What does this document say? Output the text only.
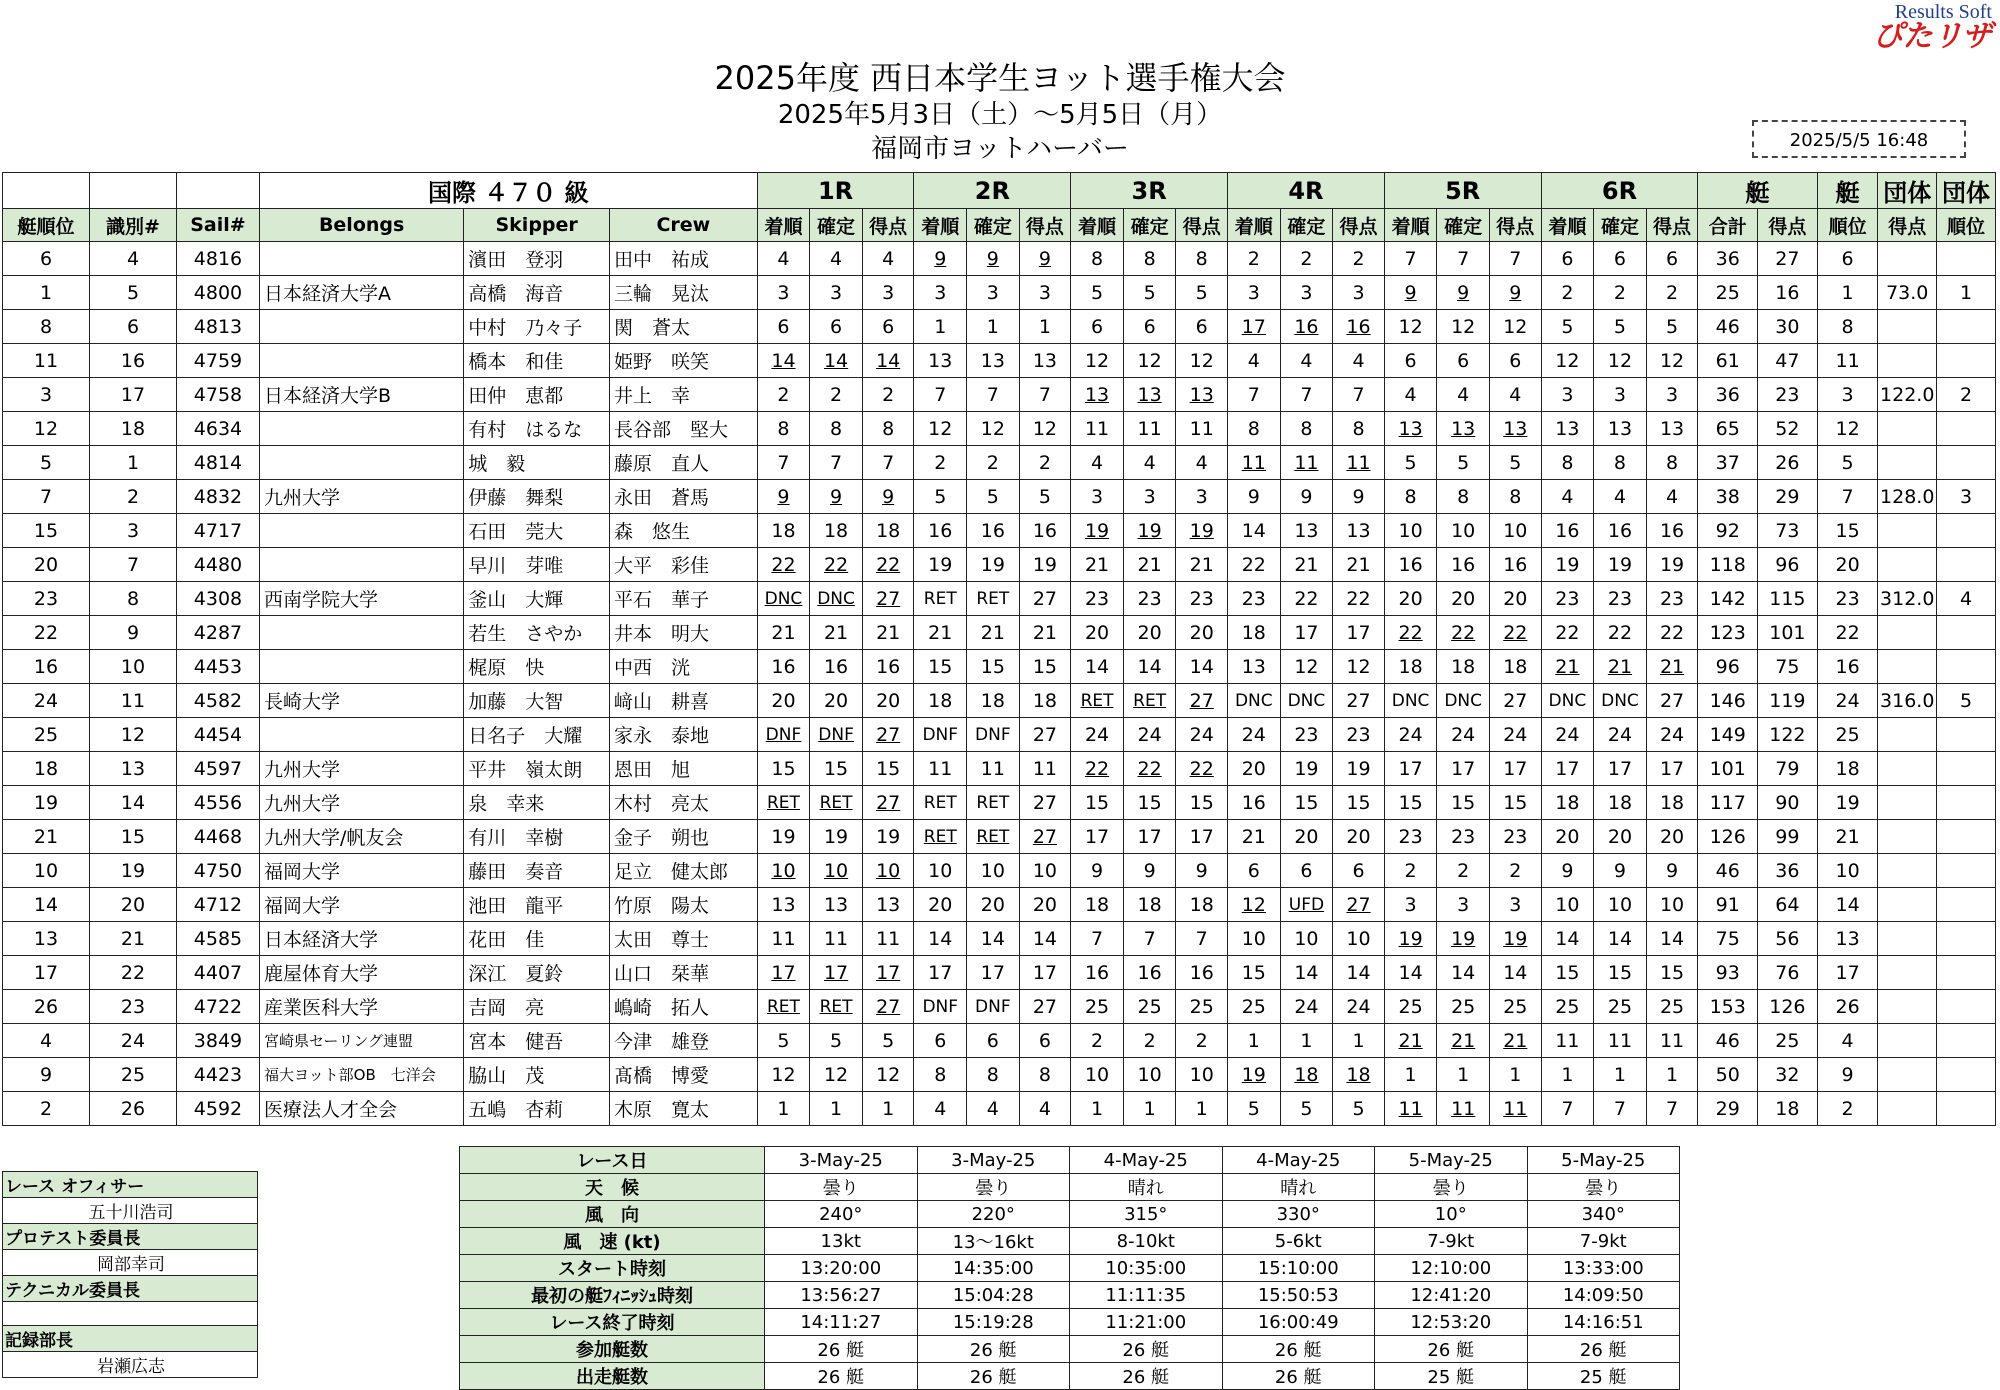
Results Soft
ぴたリザ
2025年度 西日本学生ヨット選手権大会
2025年5月3日（土）～5月5日（月）
福岡市ヨットハーバー	2025/5/5 16:48
			国際 ４７０ 級			1R			2R			3R			4R			5R			6R			艇		艇	団体	団体
艇順位	識別#	Sail#	Belongs	Skipper	Crew	着順	確定	得点	着順	確定	得点	着順	確定	得点	着順	確定	得点	着順	確定	得点	着順	確定	得点	合計	得点	順位	得点	順位
6	4	4816		濱田　登羽	田中　祐成	4	4	4	9	9	9	8	8	8	2	2	2	7	7	7	6	6	6	36	27	6		
1	5	4800	日本経済大学A	高橋　海音	三輪　晃汰	3	3	3	3	3	3	5	5	5	3	3	3	9	9	9	2	2	2	25	16	1	73.0	1
8	6	4813		中村　乃々子	関　蒼太	6	6	6	1	1	1	6	6	6	17	16	16	12	12	12	5	5	5	46	30	8		
11	16	4759		橋本　和佳	姫野　咲笑	14	14	14	13	13	13	12	12	12	4	4	4	6	6	6	12	12	12	61	47	11		
3	17	4758	日本経済大学B	田仲　恵都	井上　幸	2	2	2	7	7	7	13	13	13	7	7	7	4	4	4	3	3	3	36	23	3	122.0	2
12	18	4634		有村　はるな	長谷部　堅大	8	8	8	12	12	12	11	11	11	8	8	8	13	13	13	13	13	13	65	52	12		
5	1	4814		城　毅	藤原　直人	7	7	7	2	2	2	4	4	4	11	11	11	5	5	5	8	8	8	37	26	5		
7	2	4832	九州大学	伊藤　舞梨	永田　蒼馬	9	9	9	5	5	5	3	3	3	9	9	9	8	8	8	4	4	4	38	29	7	128.0	3
15	3	4717		石田　莞大	森　悠生	18	18	18	16	16	16	19	19	19	14	13	13	10	10	10	16	16	16	92	73	15		
20	7	4480		早川　芽唯	大平　彩佳	22	22	22	19	19	19	21	21	21	22	21	21	16	16	16	19	19	19	118	96	20		
23	8	4308	西南学院大学	釜山　大輝	平石　華子	DNC	DNC	27	RET	RET	27	23	23	23	23	22	22	20	20	20	23	23	23	142	115	23	312.0	4
22	9	4287		若生　さやか	井本　明大	21	21	21	21	21	21	20	20	20	18	17	17	22	22	22	22	22	22	123	101	22		
16	10	4453		梶原　快	中西　洸	16	16	16	15	15	15	14	14	14	13	12	12	18	18	18	21	21	21	96	75	16		
24	11	4582	長崎大学	加藤　大智	﨑山　耕喜	20	20	20	18	18	18	RET	RET	27	DNC	DNC	27	DNC	DNC	27	DNC	DNC	27	146	119	24	316.0	5
25	12	4454		日名子　大耀	家永　泰地	DNF	DNF	27	DNF	DNF	27	24	24	24	24	23	23	24	24	24	24	24	24	149	122	25		
18	13	4597	九州大学	平井　嶺太朗	恩田　旭	15	15	15	11	11	11	22	22	22	20	19	19	17	17	17	17	17	17	101	79	18		
19	14	4556	九州大学	泉　幸来	木村　亮太	RET	RET	27	RET	RET	27	15	15	15	16	15	15	15	15	15	18	18	18	117	90	19		
21	15	4468	九州大学/帆友会	有川　幸樹	金子　朔也	19	19	19	RET	RET	27	17	17	17	21	20	20	23	23	23	20	20	20	126	99	21		
10	19	4750	福岡大学	藤田　奏音	足立　健太郎	10	10	10	10	10	10	9	9	9	6	6	6	2	2	2	9	9	9	46	36	10		
14	20	4712	福岡大学	池田　龍平	竹原　陽太	13	13	13	20	20	20	18	18	18	12	UFD	27	3	3	3	10	10	10	91	64	14		
13	21	4585	日本経済大学	花田　佳	太田　尊士	11	11	11	14	14	14	7	7	7	10	10	10	19	19	19	14	14	14	75	56	13		
17	22	4407	鹿屋体育大学	深江　夏鈴	山口　栞華	17	17	17	17	17	17	16	16	16	15	14	14	14	14	14	15	15	15	93	76	17		
26	23	4722	産業医科大学	吉岡　亮	嶋崎　拓人	RET	RET	27	DNF	DNF	27	25	25	25	25	24	24	25	25	25	25	25	25	153	126	26		
4	24	3849	宮崎県セーリング連盟	宮本　健吾	今津　雄登	5	5	5	6	6	6	2	2	2	1	1	1	21	21	21	11	11	11	46	25	4		
9	25	4423	福大ヨット部OB　七洋会	脇山　茂	髙橋　博愛	12	12	12	8	8	8	10	10	10	19	18	18	1	1	1	1	1	1	50	32	9		
2	26	4592	医療法人才全会	五嶋　杏莉	木原　寛太	1	1	1	4	4	4	1	1	1	5	5	5	11	11	11	7	7	7	29	18	2		
レース オフィサー
五十川浩司
プロテスト委員長
岡部幸司
テクニカル委員長

記録部長
岩瀬広志
レース日	3-May-25	3-May-25	4-May-25	4-May-25	5-May-25	5-May-25
天　候	曇り	曇り	晴れ	晴れ	曇り	曇り
風　向	240°	220°	315°	330°	10°	340°
風　速 (kt)	13kt	13～16kt	8-10kt	5-6kt	7-9kt	7-9kt
スタート時刻	13:20:00	14:35:00	10:35:00	15:10:00	12:10:00	13:33:00
最初の艇ﾌｨﾆｯｼｭ時刻	13:56:27	15:04:28	11:11:35	15:50:53	12:41:20	14:09:50
レース終了時刻	14:11:27	15:19:28	11:21:00	16:00:49	12:53:20	14:16:51
参加艇数	26 艇	26 艇	26 艇	26 艇	26 艇	26 艇
出走艇数	26 艇	26 艇	26 艇	26 艇	25 艇	25 艇
